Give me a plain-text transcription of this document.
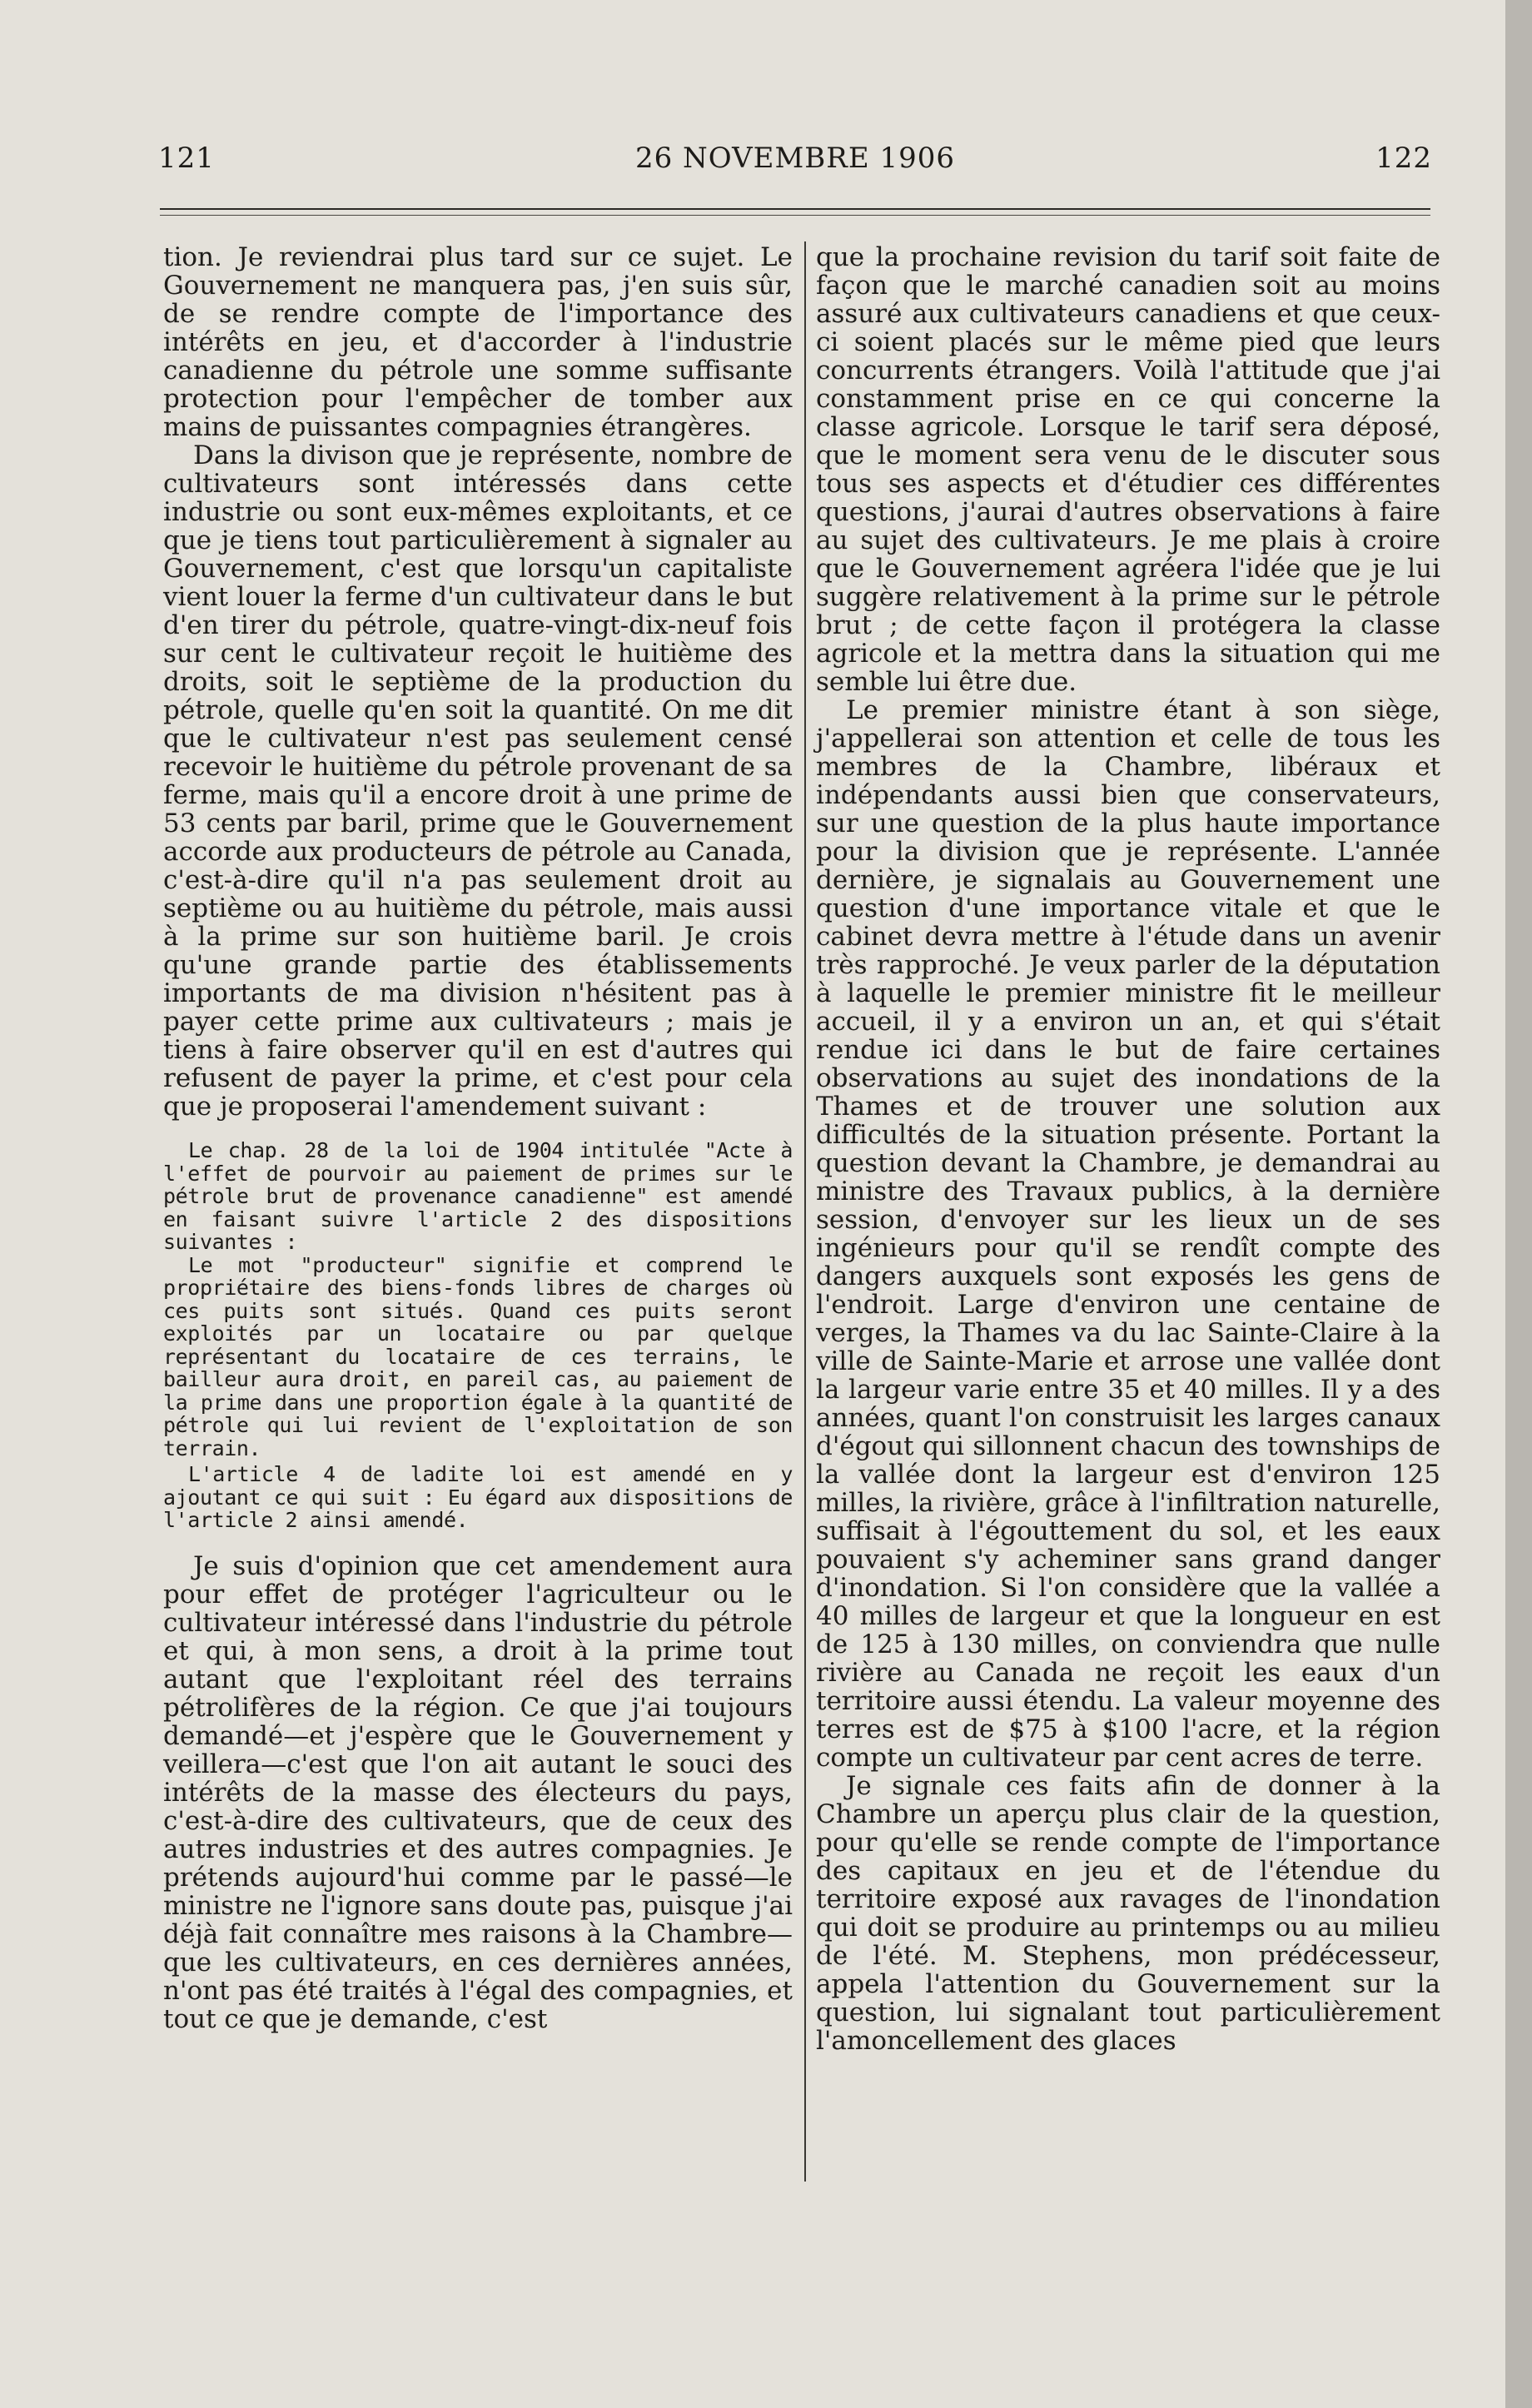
121	26 NOVEMBRE 1906	122

tion. Je reviendrai plus tard sur ce sujet. Le Gouvernement ne manquera pas, j'en suis sûr, de se rendre compte de l'importance des intérêts en jeu, et d'accorder à l'industrie canadienne du pétrole une somme suffisante protection pour l'empêcher de tomber aux mains de puissantes compagnies étrangères.

Dans la divison que je représente, nombre de cultivateurs sont intéressés dans cette industrie ou sont eux-mêmes exploitants, et ce que je tiens tout particulièrement à signaler au Gouvernement, c'est que lorsqu'un capitaliste vient louer la ferme d'un cultivateur dans le but d'en tirer du pétrole, quatre-vingt-dix-neuf fois sur cent le cultivateur reçoit le huitième des droits, soit le septième de la production du pétrole, quelle qu'en soit la quantité. On me dit que le cultivateur n'est pas seulement censé recevoir le huitième du pétrole provenant de sa ferme, mais qu'il a encore droit à une prime de 53 cents par baril, prime que le Gouvernement accorde aux producteurs de pétrole au Canada, c'est-à-dire qu'il n'a pas seulement droit au septième ou au huitième du pétrole, mais aussi à la prime sur son huitième baril. Je crois qu'une grande partie des établissements importants de ma division n'hésitent pas à payer cette prime aux cultivateurs ; mais je tiens à faire observer qu'il en est d'autres qui refusent de payer la prime, et c'est pour cela que je proposerai l'amendement suivant :

Le chap. 28 de la loi de 1904 intitulée "Acte à l'effet de pourvoir au paiement de primes sur le pétrole brut de provenance canadienne" est amendé en faisant suivre l'article 2 des dispositions suivantes :

Le mot "producteur" signifie et comprend le propriétaire des biens-fonds libres de charges où ces puits sont situés. Quand ces puits seront exploités par un locataire ou par quelque représentant du locataire de ces terrains, le bailleur aura droit, en pareil cas, au paiement de la prime dans une proportion égale à la quantité de pétrole qui lui revient de l'exploitation de son terrain.

L'article 4 de ladite loi est amendé en y ajoutant ce qui suit : Eu égard aux dispositions de l'article 2 ainsi amendé.

Je suis d'opinion que cet amendement aura pour effet de protéger l'agriculteur ou le cultivateur intéressé dans l'industrie du pétrole et qui, à mon sens, a droit à la prime tout autant que l'exploitant réel des terrains pétrolifères de la région. Ce que j'ai toujours demandé—et j'espère que le Gouvernement y veillera—c'est que l'on ait autant le souci des intérêts de la masse des électeurs du pays, c'est-à-dire des cultivateurs, que de ceux des autres industries et des autres compagnies. Je prétends aujourd'hui comme par le passé—le ministre ne l'ignore sans doute pas, puisque j'ai déjà fait connaître mes raisons à la Chambre—que les cultivateurs, en ces dernières années, n'ont pas été traités à l'égal des compagnies, et tout ce que je demande, c'est

que la prochaine revision du tarif soit faite de façon que le marché canadien soit au moins assuré aux cultivateurs canadiens et que ceux-ci soient placés sur le même pied que leurs concurrents étrangers. Voilà l'attitude que j'ai constamment prise en ce qui concerne la classe agricole. Lorsque le tarif sera déposé, que le moment sera venu de le discuter sous tous ses aspects et d'étudier ces différentes questions, j'aurai d'autres observations à faire au sujet des cultivateurs. Je me plais à croire que le Gouvernement agréera l'idée que je lui suggère relativement à la prime sur le pétrole brut ; de cette façon il protégera la classe agricole et la mettra dans la situation qui me semble lui être due.

Le premier ministre étant à son siège, j'appellerai son attention et celle de tous les membres de la Chambre, libéraux et indépendants aussi bien que conservateurs, sur une question de la plus haute importance pour la division que je représente. L'année dernière, je signalais au Gouvernement une question d'une importance vitale et que le cabinet devra mettre à l'étude dans un avenir très rapproché. Je veux parler de la députation à laquelle le premier ministre fit le meilleur accueil, il y a environ un an, et qui s'était rendue ici dans le but de faire certaines observations au sujet des inondations de la Thames et de trouver une solution aux difficultés de la situation présente. Portant la question devant la Chambre, je demandrai au ministre des Travaux publics, à la dernière session, d'envoyer sur les lieux un de ses ingénieurs pour qu'il se rendît compte des dangers auxquels sont exposés les gens de l'endroit. Large d'environ une centaine de verges, la Thames va du lac Sainte-Claire à la ville de Sainte-Marie et arrose une vallée dont la largeur varie entre 35 et 40 milles. Il y a des années, quant l'on construisit les larges canaux d'égout qui sillonnent chacun des townships de la vallée dont la largeur est d'environ 125 milles, la rivière, grâce à l'infiltration naturelle, suffisait à l'égouttement du sol, et les eaux pouvaient s'y acheminer sans grand danger d'inondation. Si l'on considère que la vallée a 40 milles de largeur et que la longueur en est de 125 à 130 milles, on conviendra que nulle rivière au Canada ne reçoit les eaux d'un territoire aussi étendu. La valeur moyenne des terres est de $75 à $100 l'acre, et la région compte un cultivateur par cent acres de terre.

Je signale ces faits afin de donner à la Chambre un aperçu plus clair de la question, pour qu'elle se rende compte de l'importance des capitaux en jeu et de l'étendue du territoire exposé aux ravages de l'inondation qui doit se produire au printemps ou au milieu de l'été. M. Stephens, mon prédécesseur, appela l'attention du Gouvernement sur la question, lui signalant tout particulièrement l'amoncellement des glaces
